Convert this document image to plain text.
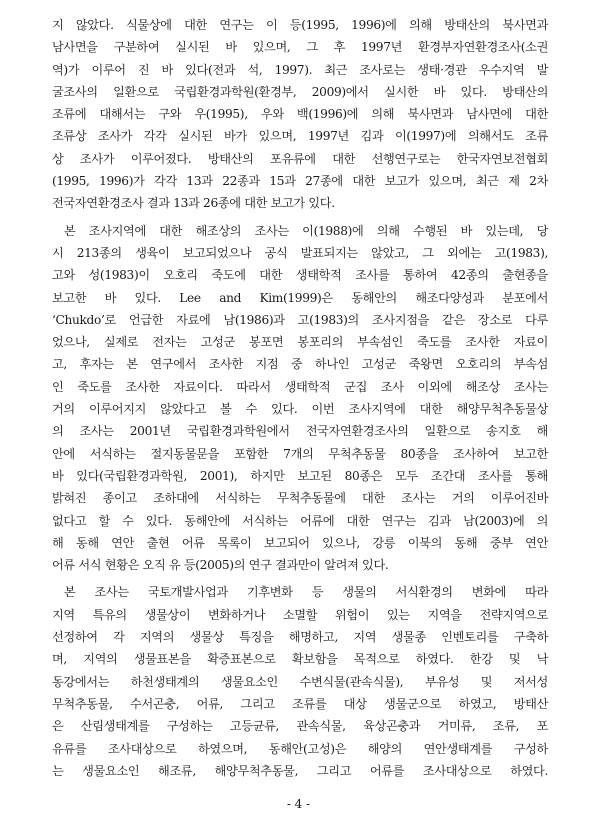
지 않았다. 식물상에 대한 연구는 이 등(1995, 1996)에 의해 방태산의 북사면과
남사면을 구분하여 실시된 바 있으며, 그 후 1997년 환경부자연환경조사(소권
역)가 이루어 진 바 있다(전과 석, 1997). 최근 조사로는 생태·경관 우수지역 발
굴조사의 일환으로 국립환경과학원(환경부, 2009)에서 실시한 바 있다. 방태산의
조류에 대해서는 구와 우(1995), 우와 백(1996)에 의해 북사면과 남사면에 대한
조류상 조사가 각각 실시된 바가 있으며, 1997년 김과 이(1997)에 의해서도 조류
상 조사가 이루어졌다. 방태산의 포유류에 대한 선행연구로는 한국자연보전협회
(1995, 1996)가 각각 13과 22종과 15과 27종에 대한 보고가 있으며, 최근 제 2차
전국자연환경조사 결과 13과 26종에 대한 보고가 있다.
본 조사지역에 대한 해조상의 조사는 이(1988)에 의해 수행된 바 있는데, 당
시 213종의 생육이 보고되었으나 공식 발표되지는 않았고, 그 외에는 고(1983),
고와 성(1983)이 오호리 죽도에 대한 생태학적 조사를 통하여 42종의 출현종을
보고한 바 있다. Lee and Kim(1999)은 동해안의 해조다양성과 분포에서
‘Chukdo’로 언급한 자료에 남(1986)과 고(1983)의 조사지점을 같은 장소로 다루
었으나, 실제로 전자는 고성군 봉포면 봉포리의 부속섬인 죽도를 조사한 자료이
고, 후자는 본 연구에서 조사한 지점 중 하나인 고성군 죽왕면 오호리의 부속섬
인 죽도를 조사한 자료이다. 따라서 생태학적 군집 조사 이외에 해조상 조사는
거의 이루어지지 않았다고 볼 수 있다. 이번 조사지역에 대한 해양무척추동물상
의 조사는 2001년 국립환경과학원에서 전국자연환경조사의 일환으로 송지호 해
안에 서식하는 절지동물문을 포함한 7개의 무척추동물 80종을 조사하여 보고한
바 있다(국립환경과학원, 2001), 하지만 보고된 80종은 모두 조간대 조사를 통해
밝혀진 종이고 조하대에 서식하는 무척추동물에 대한 조사는 거의 이루어진바
없다고 할 수 있다. 동해안에 서식하는 어류에 대한 연구는 김과 남(2003)에 의
해 동해 연안 출현 어류 목록이 보고되어 있으나, 강릉 이북의 동해 중부 연안
어류 서식 현황은 오직 유 등(2005)의 연구 결과만이 알려져 있다.
본 조사는 국토개발사업과 기후변화 등 생물의 서식환경의 변화에 따라
지역 특유의 생물상이 변화하거나 소멸할 위험이 있는 지역을 전략지역으로
선정하여 각 지역의 생물상 특징을 해명하고, 지역 생물종 인벤토리를 구축하
며, 지역의 생물표본을 확증표본으로 확보함을 목적으로 하였다. 한강 및 낙
동강에서는 하천생태계의 생물요소인 수변식물(관속식물), 부유성 및 저서성
무척추동물, 수서곤충, 어류, 그리고 조류를 대상 생물군으로 하였고, 방태산
은 산림생태계를 구성하는 고등균류, 관속식물, 육상곤충과 거미류, 조류, 포
유류를 조사대상으로 하였으며, 동해안(고성)은 해양의 연안생태계를 구성하
는 생물요소인 해조류, 해양무척추동물, 그리고 어류를 조사대상으로 하였다.
- 4 -
